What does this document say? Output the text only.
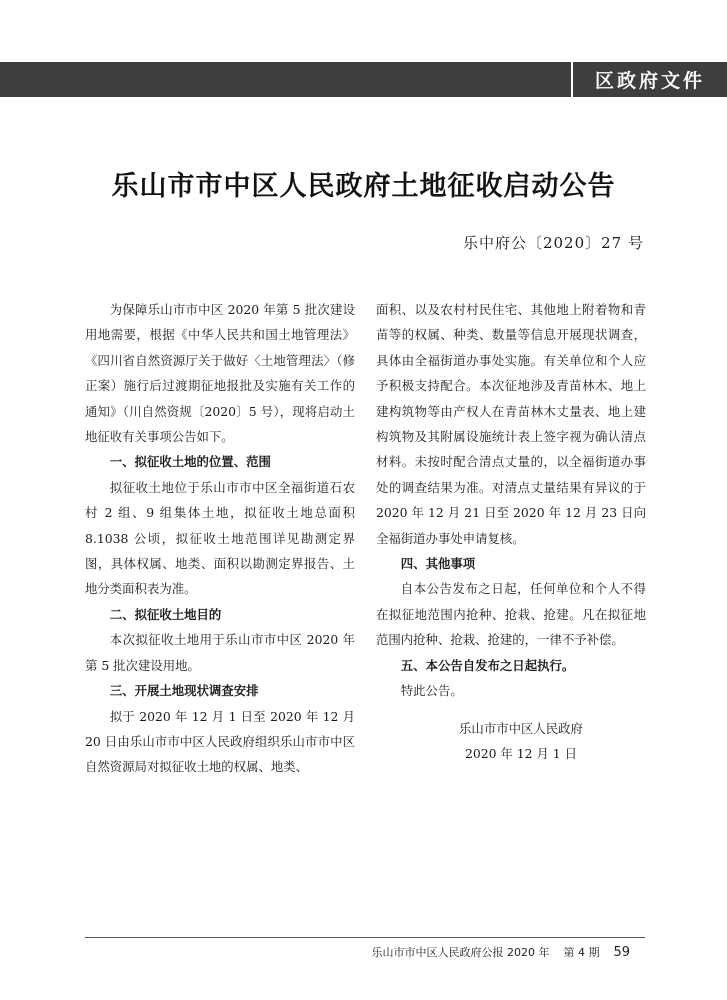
区政府文件
乐山市市中区人民政府土地征收启动公告
乐中府公〔2020〕27 号

为保障乐山市市中区 2020 年第 5 批次建设用地需要，根据《中华人民共和国土地管理法》《四川省自然资源厅关于做好〈土地管理法〉（修正案）施行后过渡期征地报批及实施有关工作的通知》（川自然资规〔2020〕5 号），现将启动土地征收有关事项公告如下。

一、拟征收土地的位置、范围

拟征收土地位于乐山市市中区全福街道石农村 2 组、9 组集体土地，拟征收土地总面积 8.1038 公顷，拟征收土地范围详见勘测定界图，具体权属、地类、面积以勘测定界报告、土地分类面积表为准。

二、拟征收土地目的

本次拟征收土地用于乐山市市中区 2020 年第 5 批次建设用地。

三、开展土地现状调查安排

拟于 2020 年 12 月 1 日至 2020 年 12 月 20 日由乐山市市中区人民政府组织乐山市市中区自然资源局对拟征收土地的权属、地类、

面积、以及农村村民住宅、其他地上附着物和青苗等的权属、种类、数量等信息开展现状调查，具体由全福街道办事处实施。有关单位和个人应予积极支持配合。本次征地涉及青苗林木、地上建构筑物等由产权人在青苗林木丈量表、地上建构筑物及其附属设施统计表上签字视为确认清点材料。未按时配合清点丈量的，以全福街道办事处的调查结果为准。对清点丈量结果有异议的于 2020 年 12 月 21 日至 2020 年 12 月 23 日向全福街道办事处申请复核。

四、其他事项

自本公告发布之日起，任何单位和个人不得在拟征地范围内抢种、抢栽、抢建。凡在拟征地范围内抢种、抢栽、抢建的，一律不予补偿。

五、本公告自发布之日起执行。

特此公告。

乐山市市中区人民政府
2020 年 12 月 1 日
乐山市市中区人民政府公报 2020 年 第 4 期 59
